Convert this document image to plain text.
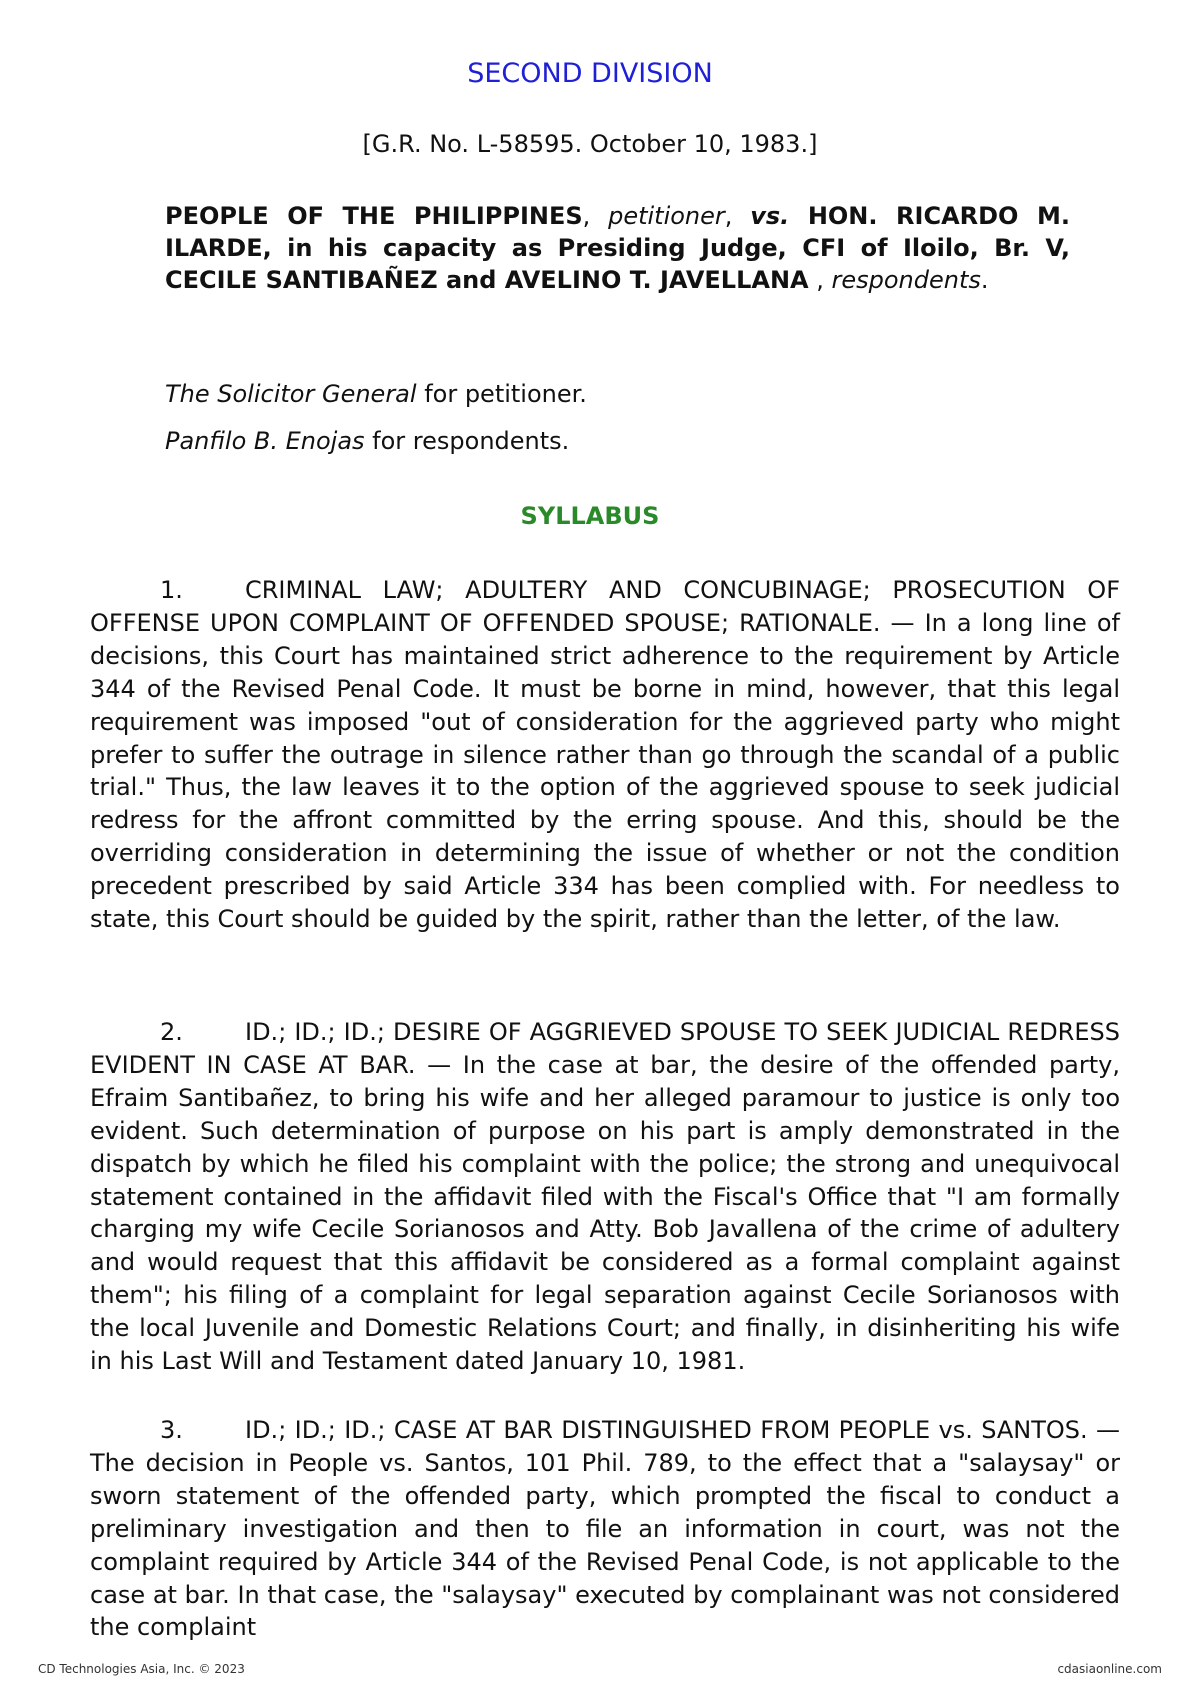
SECOND DIVISION
[G.R. No. L-58595. October 10, 1983.]
PEOPLE OF THE PHILIPPINES, petitioner, vs. HON. RICARDO M. ILARDE, in his capacity as Presiding Judge, CFI of Iloilo, Br. V, CECILE SANTIBAÑEZ and AVELINO T. JAVELLANA , respondents.
The Solicitor General for petitioner.
Panfilo B. Enojas for respondents.
SYLLABUS
1.	CRIMINAL LAW; ADULTERY AND CONCUBINAGE; PROSECUTION OF OFFENSE UPON COMPLAINT OF OFFENDED SPOUSE; RATIONALE. — In a long line of decisions, this Court has maintained strict adherence to the requirement by Article 344 of the Revised Penal Code. It must be borne in mind, however, that this legal requirement was imposed "out of consideration for the aggrieved party who might prefer to suffer the outrage in silence rather than go through the scandal of a public trial." Thus, the law leaves it to the option of the aggrieved spouse to seek judicial redress for the affront committed by the erring spouse. And this, should be the overriding consideration in determining the issue of whether or not the condition precedent prescribed by said Article 334 has been complied with. For needless to state, this Court should be guided by the spirit, rather than the letter, of the law.
2.	ID.; ID.; ID.; DESIRE OF AGGRIEVED SPOUSE TO SEEK JUDICIAL REDRESS EVIDENT IN CASE AT BAR. — In the case at bar, the desire of the offended party, Efraim Santibañez, to bring his wife and her alleged paramour to justice is only too evident. Such determination of purpose on his part is amply demonstrated in the dispatch by which he filed his complaint with the police; the strong and unequivocal statement contained in the affidavit filed with the Fiscal's Office that "I am formally charging my wife Cecile Sorianosos and Atty. Bob Javallena of the crime of adultery and would request that this affidavit be considered as a formal complaint against them"; his filing of a complaint for legal separation against Cecile Sorianosos with the local Juvenile and Domestic Relations Court; and finally, in disinheriting his wife in his Last Will and Testament dated January 10, 1981.
3.	ID.; ID.; ID.; CASE AT BAR DISTINGUISHED FROM PEOPLE vs. SANTOS. — The decision in People vs. Santos, 101 Phil. 789, to the effect that a "salaysay" or sworn statement of the offended party, which prompted the fiscal to conduct a preliminary investigation and then to file an information in court, was not the complaint required by Article 344 of the Revised Penal Code, is not applicable to the case at bar. In that case, the "salaysay" executed by complainant was not considered the complaint
CD Technologies Asia, Inc. © 2023	cdasiaonline.com
